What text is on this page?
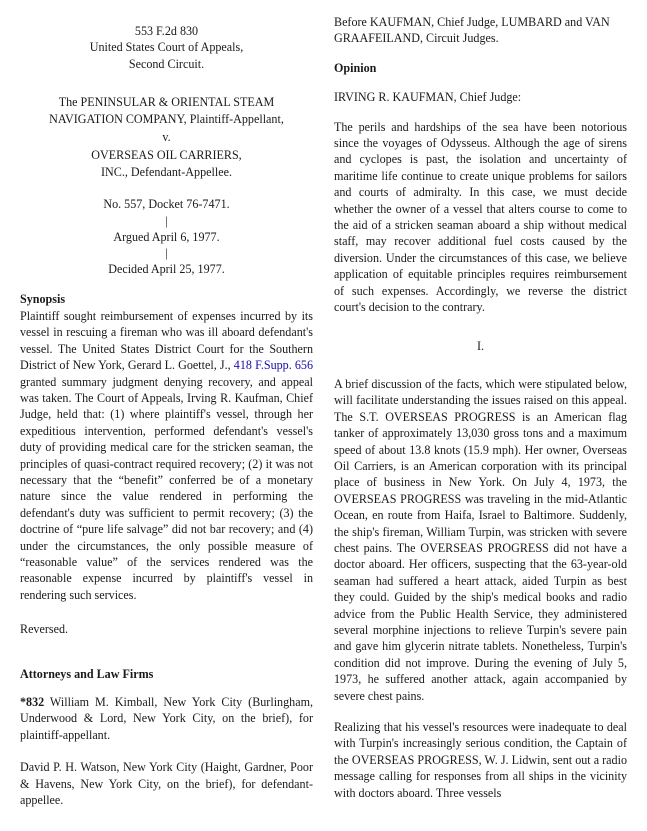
553 F.2d 830
United States Court of Appeals,
Second Circuit.
The PENINSULAR & ORIENTAL STEAM NAVIGATION COMPANY, Plaintiff-Appellant,
v.
OVERSEAS OIL CARRIERS,
INC., Defendant-Appellee.
No. 557, Docket 76-7471.
|
Argued April 6, 1977.
|
Decided April 25, 1977.
Synopsis
Plaintiff sought reimbursement of expenses incurred by its vessel in rescuing a fireman who was ill aboard defendant's vessel. The United States District Court for the Southern District of New York, Gerard L. Goettel, J., 418 F.Supp. 656 granted summary judgment denying recovery, and appeal was taken. The Court of Appeals, Irving R. Kaufman, Chief Judge, held that: (1) where plaintiff's vessel, through her expeditious intervention, performed defendant's vessel's duty of providing medical care for the stricken seaman, the principles of quasi-contract required recovery; (2) it was not necessary that the “benefit” conferred be of a monetary nature since the value rendered in performing the defendant's duty was sufficient to permit recovery; (3) the doctrine of “pure life salvage” did not bar recovery; and (4) under the circumstances, the only possible measure of “reasonable value” of the services rendered was the reasonable expense incurred by plaintiff's vessel in rendering such services.
Reversed.
Attorneys and Law Firms
*832 William M. Kimball, New York City (Burlingham, Underwood & Lord, New York City, on the brief), for plaintiff-appellant.
David P. H. Watson, New York City (Haight, Gardner, Poor & Havens, New York City, on the brief), for defendant-appellee.
Before KAUFMAN, Chief Judge, LUMBARD and VAN GRAAFEILAND, Circuit Judges.
Opinion
IRVING R. KAUFMAN, Chief Judge:
The perils and hardships of the sea have been notorious since the voyages of Odysseus. Although the age of sirens and cyclopes is past, the isolation and uncertainty of maritime life continue to create unique problems for sailors and courts of admiralty. In this case, we must decide whether the owner of a vessel that alters course to come to the aid of a stricken seaman aboard a ship without medical staff, may recover additional fuel costs caused by the diversion. Under the circumstances of this case, we believe application of equitable principles requires reimbursement of such expenses. Accordingly, we reverse the district court's decision to the contrary.
I.
A brief discussion of the facts, which were stipulated below, will facilitate understanding the issues raised on this appeal. The S.T. OVERSEAS PROGRESS is an American flag tanker of approximately 13,030 gross tons and a maximum speed of about 13.8 knots (15.9 mph). Her owner, Overseas Oil Carriers, is an American corporation with its principal place of business in New York. On July 4, 1973, the OVERSEAS PROGRESS was traveling in the mid-Atlantic Ocean, en route from Haifa, Israel to Baltimore. Suddenly, the ship's fireman, William Turpin, was stricken with severe chest pains. The OVERSEAS PROGRESS did not have a doctor aboard. Her officers, suspecting that the 63-year-old seaman had suffered a heart attack, aided Turpin as best they could. Guided by the ship's medical books and radio advice from the Public Health Service, they administered several morphine injections to relieve Turpin's severe pain and gave him glycerin nitrate tablets. Nonetheless, Turpin's condition did not improve. During the evening of July 5, 1973, he suffered another attack, again accompanied by severe chest pains.
Realizing that his vessel's resources were inadequate to deal with Turpin's increasingly serious condition, the Captain of the OVERSEAS PROGRESS, W. J. Lidwin, sent out a radio message calling for responses from all ships in the vicinity with doctors aboard. Three vessels
